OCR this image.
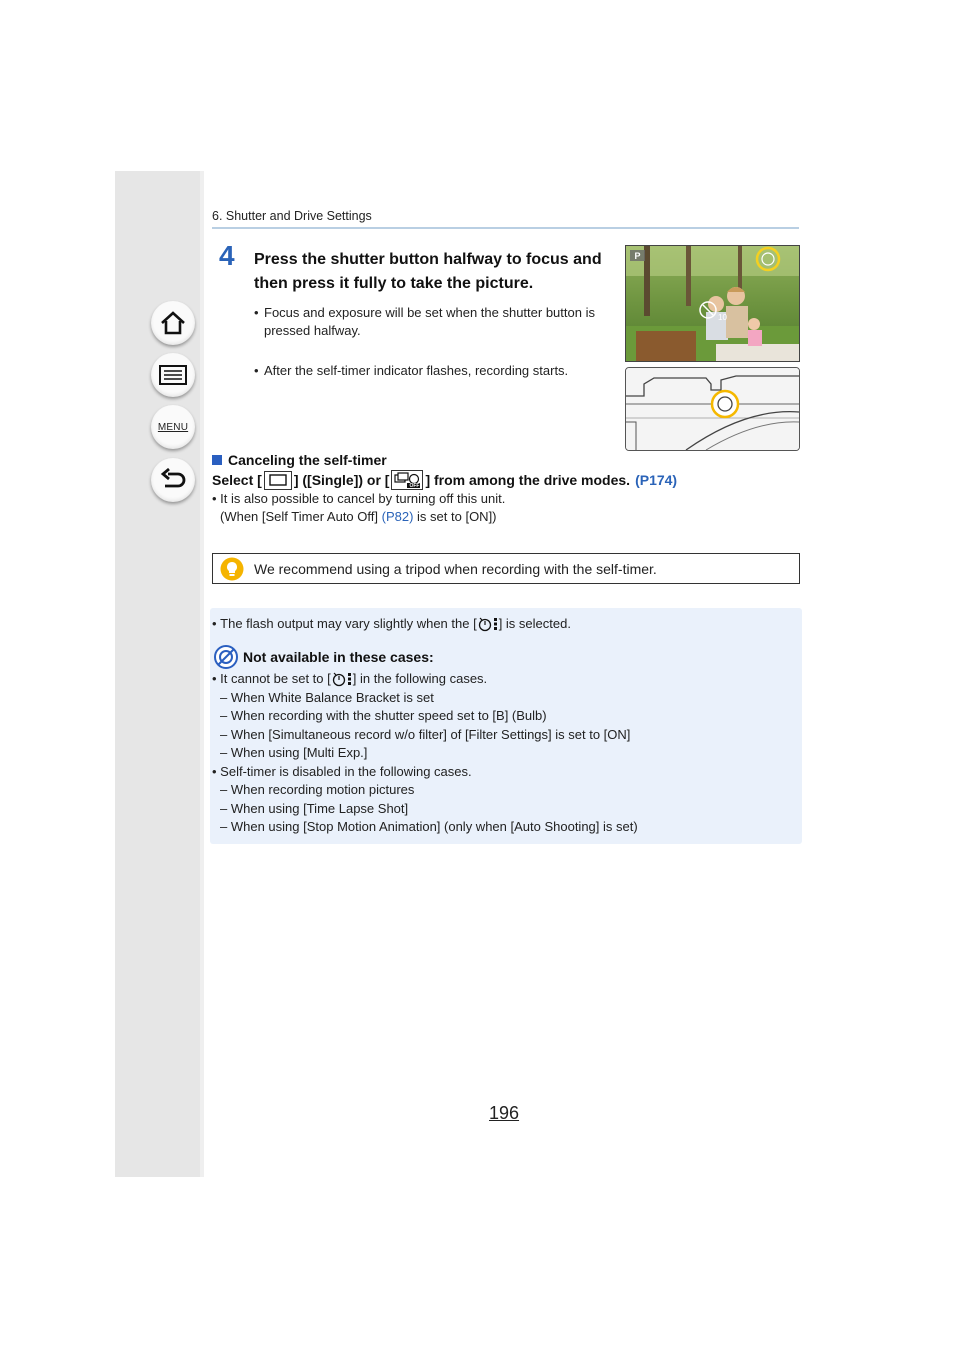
MENU
6. Shutter and Drive Settings
4 Press the shutter button halfway to focus and then press it fully to take the picture.
• Focus and exposure will be set when the shutter button is pressed halfway.
• After the self-timer indicator flashes, recording starts.
P
10
Canceling the self-timer
Select [ ] ([Single]) or [	OFF ] from among the drive modes. (P174)
• It is also possible to cancel by turning off this unit.
(When [Self Timer Auto Off] (P82) is set to [ON])
We recommend using a tripod when recording with the self-timer.
• The flash output may vary slightly when the [ ] is selected.
Not available in these cases:
• It cannot be set to [ ] in the following cases.
– When White Balance Bracket is set
– When recording with the shutter speed set to [B] (Bulb)
– When [Simultaneous record w/o filter] of [Filter Settings] is set to [ON]
– When using [Multi Exp.]
• Self-timer is disabled in the following cases.
– When recording motion pictures
– When using [Time Lapse Shot]
– When using [Stop Motion Animation] (only when [Auto Shooting] is set)
196
